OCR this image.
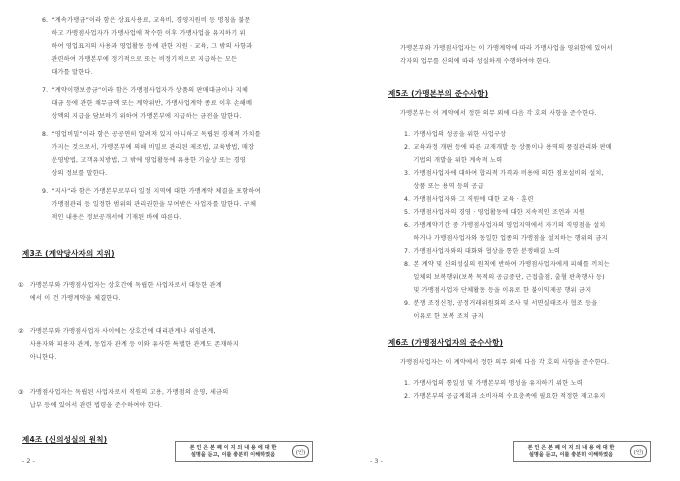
6. “계속가맹금”이라 함은 상표사용료, 교육비, 경영지원비 등 명칭을 불문
하고 가맹점사업자가 가맹사업에 착수한 이후 가맹사업을 유지하기 위
하여 영업표지의 사용과 영업활동 등에 관한 지원 · 교육, 그 밖의 사항과
관련하여 가맹본부에 정기적으로 또는 비정기적으로 지급하는 모든
대가를 말한다.
7. “계약이행보증금”이라 함은 가맹점사업자가 상품의 판매대금이나 지체
대금 등에 관한 채무금액 또는 계약위반, 가맹사업계약 종료 이후 손해배
상액의 지급을 담보하기 위하여 가맹본부에 지급하는 금전을 말한다.
8. “영업비밀”이라 함은 공공연히 알려져 있지 아니하고 독립된 경제적 가치를
가지는 것으로서, 가맹본부에 의해 비밀로 관리된 제조법, 교육방법, 매장
운영방법, 고객유치방법, 그 밖에 영업활동에 유용한 기술상 또는 경영
상의 정보를 말한다.
9. “지사”라 함은 가맹본부로부터 일정 지역에 대한 가맹계약 체결을 포함하여
가맹점관리 등 일정한 범위의 관리권한을 부여받은 사업자를 말한다. 구체
적인 내용은 정보공개서에 기재된 바에 따른다.
제3조 (계약당사자의 지위)
① 가맹본부와 가맹점사업자는 상호간에 독립한 사업자로서 대등한 관계
에서 이 건 가맹계약을 체결한다.
② 가맹본부와 가맹점사업자 사이에는 상호간에 대리관계나 위임관계,
사용자와 피용자 관계, 동업자 관계 등 이와 유사한 특별한 관계도 존재하지
아니한다.
③ 가맹점사업자는 독립된 사업자로서 직원의 고용, 가맹점의 운영, 세금의
납부 등에 있어서 관련 법령을 준수하여야 한다.
제4조 (신의성실의 원칙)
본 인 은 본 페 이 지 의 내 용 에 대 한
설명을 듣고, 이를 충분히 이해하였음	(인)
- 2 -
가맹본부와 가맹점사업자는 이 가맹계약에 따라 가맹사업을 영위함에 있어서
각자의 업무를 신의에 따라 성실하게 수행하여야 한다.
제5조 (가맹본부의 준수사항)
가맹본부는 이 계약에서 정한 의무 외에 다음 각 호의 사항을 준수한다.
1. 가맹사업의 성공을 위한 사업구상
2. 교육과정 개편 등에 따른 교재개발 등 상품이나 용역의 품질관리와 판매
기법의 개발을 위한 계속적 노력
3. 가맹점사업자에 대하여 합리적 가격과 비용에 의한 점포설비의 설치,
상품 또는 용역 등의 공급
4. 가맹점사업자와 그 직원에 대한 교육 · 훈련
5. 가맹점사업자의 경영 · 영업활동에 대한 지속적인 조언과 지원
6. 가맹계약기간 중 가맹점사업자의 영업지역에서 자기의 직영점을 설치
하거나 가맹점사업자와 동일한 업종의 가맹점을 설치하는 행위의 금지
7. 가맹점사업자와의 대화와 협상을 통한 분쟁해결 노력
8. 본 계약 및 신의성실의 원칙에 반하여 가맹점사업자에게 피해를 끼치는
일체의 보복행위(보복 목적의 공급중단, 근접출점, 출혈 판촉행사 등)
및 가맹점사업자 단체활동 등을 이유로 한 불이익제공 행위 금지
9. 분쟁 조정신청, 공정거래위원회의 조사 및 서면실태조사 협조 등을
이유로 한 보복 조치 금지
제6조 (가맹점사업자의 준수사항)
가맹점사업자는 이 계약에서 정한 의무 외에 다음 각 호의 사항을 준수한다.
1. 가맹사업의 통일성 및 가맹본부의 명성을 유지하기 위한 노력
2. 가맹본부의 공급계획과 소비자의 수요충족에 필요한 적정한 재고유지
본 인 은 본 페 이 지 의 내 용 에 대 한
설명을 듣고, 이를 충분히 이해하였음	(인)
- 3 -
